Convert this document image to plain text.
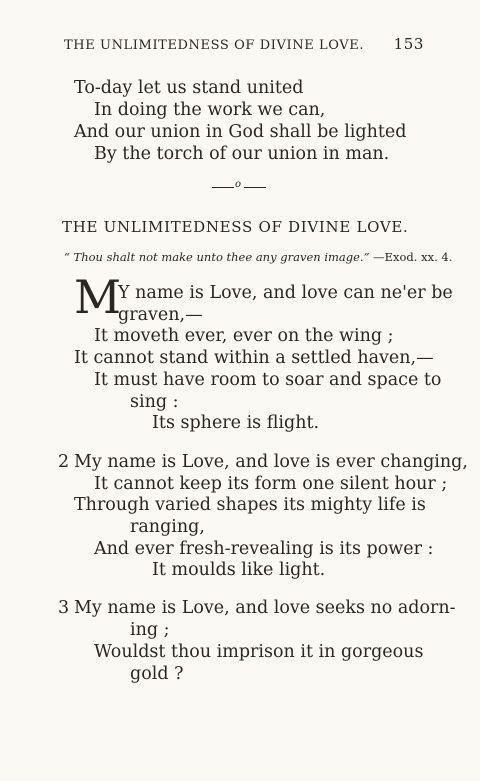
THE UNLIMITEDNESS OF DIVINE LOVE. 153
To-day let us stand united
In doing the work we can,
And our union in God shall be lighted
By the torch of our union in man.
o
THE UNLIMITEDNESS OF DIVINE LOVE.
“ Thou shalt not make unto thee any graven image.” —Exod. xx. 4.
M
Y name is Love, and love can ne'er be
graven,—
It moveth ever, ever on the wing ;
It cannot stand within a settled haven,—
It must have room to soar and space to
sing :
Its sphere is flight.
2 My name is Love, and love is ever changing,
It cannot keep its form one silent hour ;
Through varied shapes its mighty life is
ranging,
And ever fresh-revealing is its power :
It moulds like light.
3 My name is Love, and love seeks no adorn-
ing ;
Wouldst thou imprison it in gorgeous
gold ?
